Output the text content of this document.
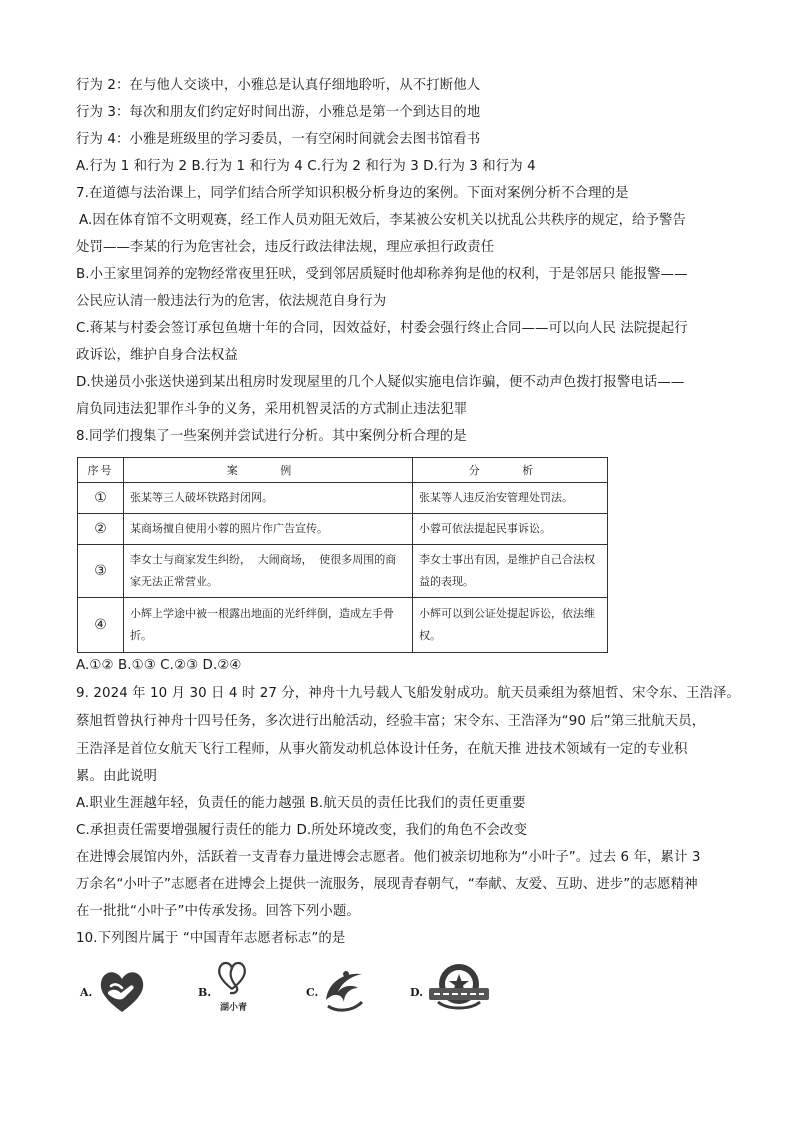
行为 2：在与他人交谈中，小雅总是认真仔细地聆听，从不打断他人
行为 3：每次和朋友们约定好时间出游，小雅总是第一个到达目的地
行为 4：小雅是班级里的学习委员，一有空闲时间就会去图书馆看书
A.行为 1 和行为 2 B.行为 1 和行为 4 C.行为 2 和行为 3 D.行为 3 和行为 4
7.在道德与法治课上，同学们结合所学知识积极分析身边的案例。下面对案例分析不合理的是
A.因在体育馆不文明观赛，经工作人员劝阻无效后，李某被公安机关以扰乱公共秩序的规定，给予警告
处罚——李某的行为危害社会，违反行政法律法规，理应承担行政责任
B.小王家里饲养的宠物经常夜里狂吠，受到邻居质疑时他却称养狗是他的权利，于是邻居只 能报警——
公民应认清一般违法行为的危害，依法规范自身行为
C.蒋某与村委会签订承包鱼塘十年的合同，因效益好，村委会强行终止合同——可以向人民 法院提起行
政诉讼，维护自身合法权益
D.快递员小张送快递到某出租房时发现屋里的几个人疑似实施电信诈骗，便不动声色拨打报警电话——
肩负同违法犯罪作斗争的义务，采用机智灵活的方式制止违法犯罪
8.同学们搜集了一些案例并尝试进行分析。其中案例分析合理的是
序号	案 例	分 析
①	张某等三人破坏铁路封闭网。	张某等人违反治安管理处罚法。
②	某商场擅自使用小蓉的照片作广告宣传。	小蓉可依法提起民事诉讼。
③	李女士与商家发生纠纷， 大闹商场， 使很多周围的商家无法正常营业。	李女士事出有因，是维护自己合法权益的表现。
④	小辉上学途中被一根露出地面的光纤绊倒，造成左手骨折。	小辉可以到公证处提起诉讼，依法维权。
A.①② B.①③ C.②③ D.②④
9. 2024 年 10 月 30 日 4 时 27 分，神舟十九号载人飞船发射成功。航天员乘组为蔡旭哲、宋令东、王浩泽。
蔡旭哲曾执行神舟十四号任务，多次进行出舱活动，经验丰富；宋令东、王浩泽为“90 后”第三批航天员，
王浩泽是首位女航天飞行工程师，从事火箭发动机总体设计任务，在航天推 进技术领域有一定的专业积
累。由此说明
A.职业生涯越年轻，负责任的能力越强 B.航天员的责任比我们的责任更重要
C.承担责任需要增强履行责任的能力 D.所处环境改变，我们的角色不会改变
在进博会展馆内外，活跃着一支青春力量进博会志愿者。他们被亲切地称为“小叶子”。过去 6 年，累计 3
万余名“小叶子”志愿者在进博会上提供一流服务，展现青春朝气，“奉献、友爱、互助、进步”的志愿精神
在一批批“小叶子”中传承发扬。回答下列小题。
10.下列图片属于 “中国青年志愿者标志”的是
A.	B.
湖小青
C.	D.
